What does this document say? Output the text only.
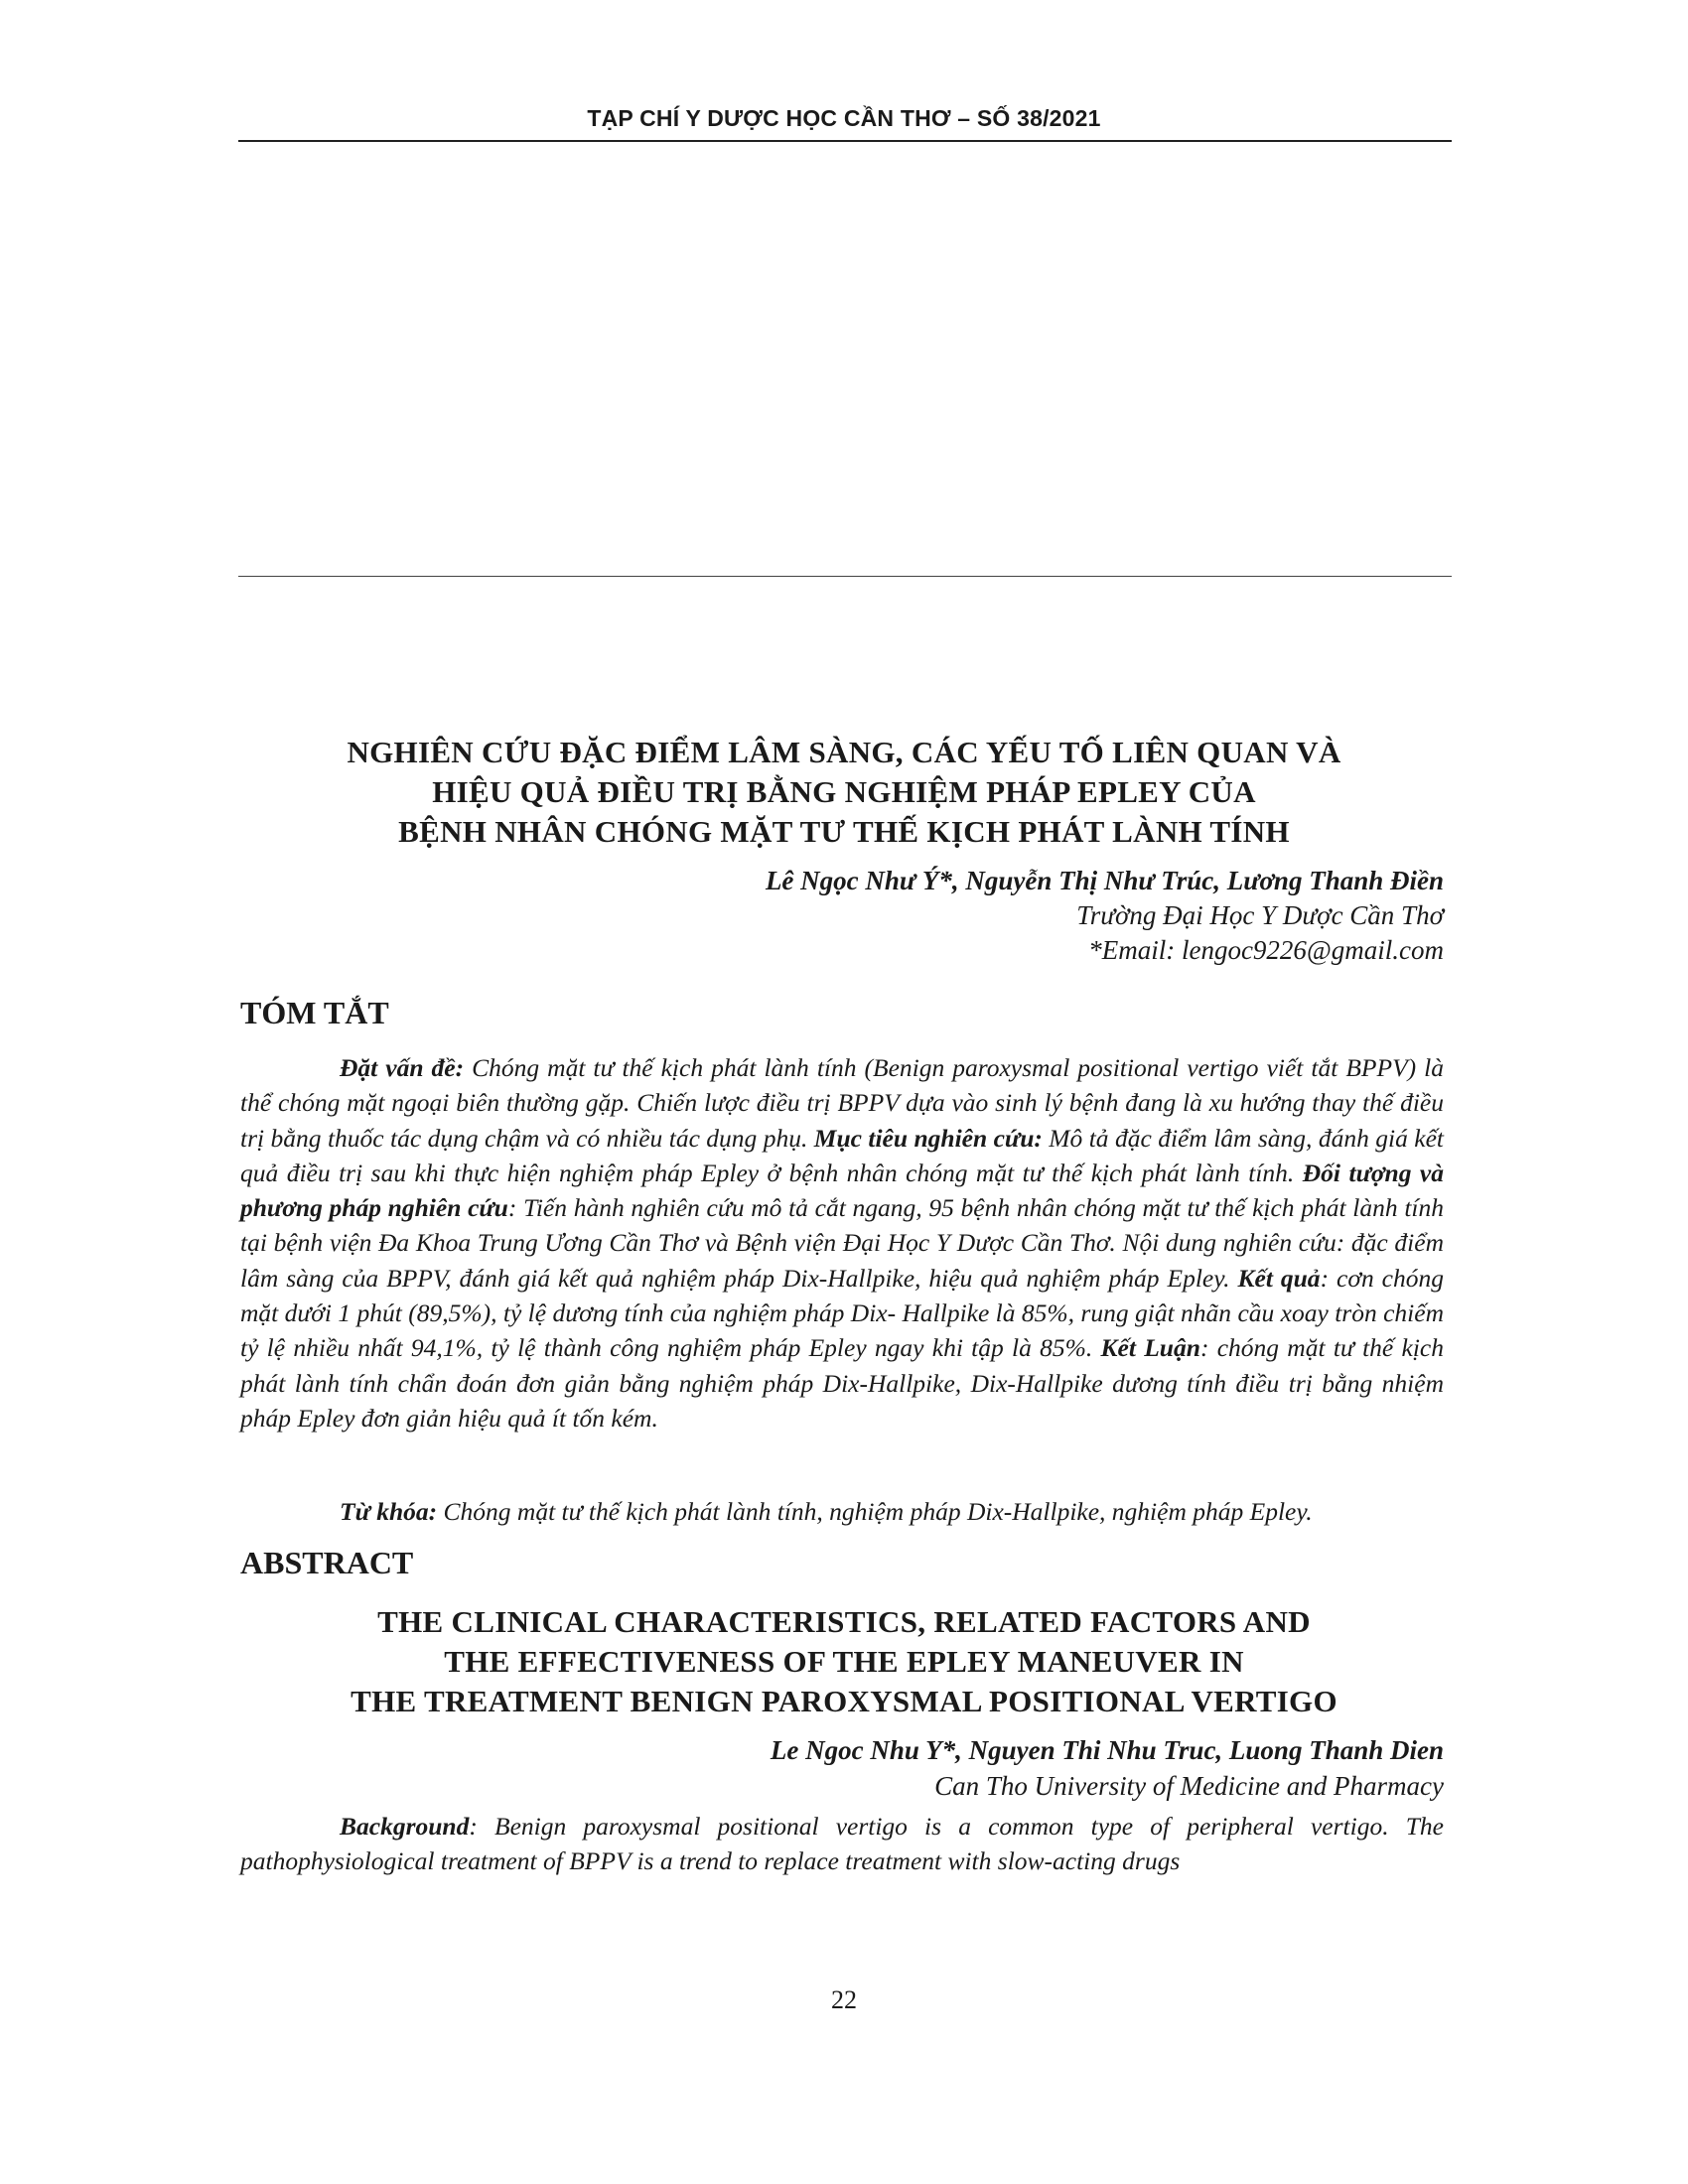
TẠP CHÍ Y DƯỢC HỌC CẦN THƠ – SỐ 38/2021
NGHIÊN CỨU ĐẶC ĐIỂM LÂM SÀNG, CÁC YẾU TỐ LIÊN QUAN VÀ
HIỆU QUẢ ĐIỀU TRỊ BẰNG NGHIỆM PHÁP EPLEY CỦA
BỆNH NHÂN CHÓNG MẶT TƯ THẾ KỊCH PHÁT LÀNH TÍNH
Lê Ngọc Như Ý*, Nguyễn Thị Như Trúc, Lương Thanh Điền
Trường Đại Học Y Dược Cần Thơ
*Email: lengoc9226@gmail.com
TÓM TẮT

Đặt vấn đề: Chóng mặt tư thế kịch phát lành tính (Benign paroxysmal positional vertigo viết tắt BPPV) là thể chóng mặt ngoại biên thường gặp. Chiến lược điều trị BPPV dựa vào sinh lý bệnh đang là xu hướng thay thế điều trị bằng thuốc tác dụng chậm và có nhiều tác dụng phụ. Mục tiêu nghiên cứu: Mô tả đặc điểm lâm sàng, đánh giá kết quả điều trị sau khi thực hiện nghiệm pháp Epley ở bệnh nhân chóng mặt tư thế kịch phát lành tính. Đối tượng và phương pháp nghiên cứu: Tiến hành nghiên cứu mô tả cắt ngang, 95 bệnh nhân chóng mặt tư thế kịch phát lành tính tại bệnh viện Đa Khoa Trung Ương Cần Thơ và Bệnh viện Đại Học Y Dược Cần Thơ. Nội dung nghiên cứu: đặc điểm lâm sàng của BPPV, đánh giá kết quả nghiệm pháp Dix-Hallpike, hiệu quả nghiệm pháp Epley. Kết quả: cơn chóng mặt dưới 1 phút (89,5%), tỷ lệ dương tính của nghiệm pháp Dix- Hallpike là 85%, rung giật nhãn cầu xoay tròn chiếm tỷ lệ nhiều nhất 94,1%, tỷ lệ thành công nghiệm pháp Epley ngay khi tập là 85%. Kết Luận: chóng mặt tư thế kịch phát lành tính chẩn đoán đơn giản bằng nghiệm pháp Dix-Hallpike, Dix-Hallpike dương tính điều trị bằng nhiệm pháp Epley đơn giản hiệu quả ít tốn kém.

Từ khóa: Chóng mặt tư thế kịch phát lành tính, nghiệm pháp Dix-Hallpike, nghiệm pháp Epley.
ABSTRACT
THE CLINICAL CHARACTERISTICS, RELATED FACTORS AND
THE EFFECTIVENESS OF THE EPLEY MANEUVER IN
THE TREATMENT BENIGN PAROXYSMAL POSITIONAL VERTIGO
Le Ngoc Nhu Y*, Nguyen Thi Nhu Truc, Luong Thanh Dien
Can Tho University of Medicine and Pharmacy

Background: Benign paroxysmal positional vertigo is a common type of peripheral vertigo. The pathophysiological treatment of BPPV is a trend to replace treatment with slow-acting drugs

22
